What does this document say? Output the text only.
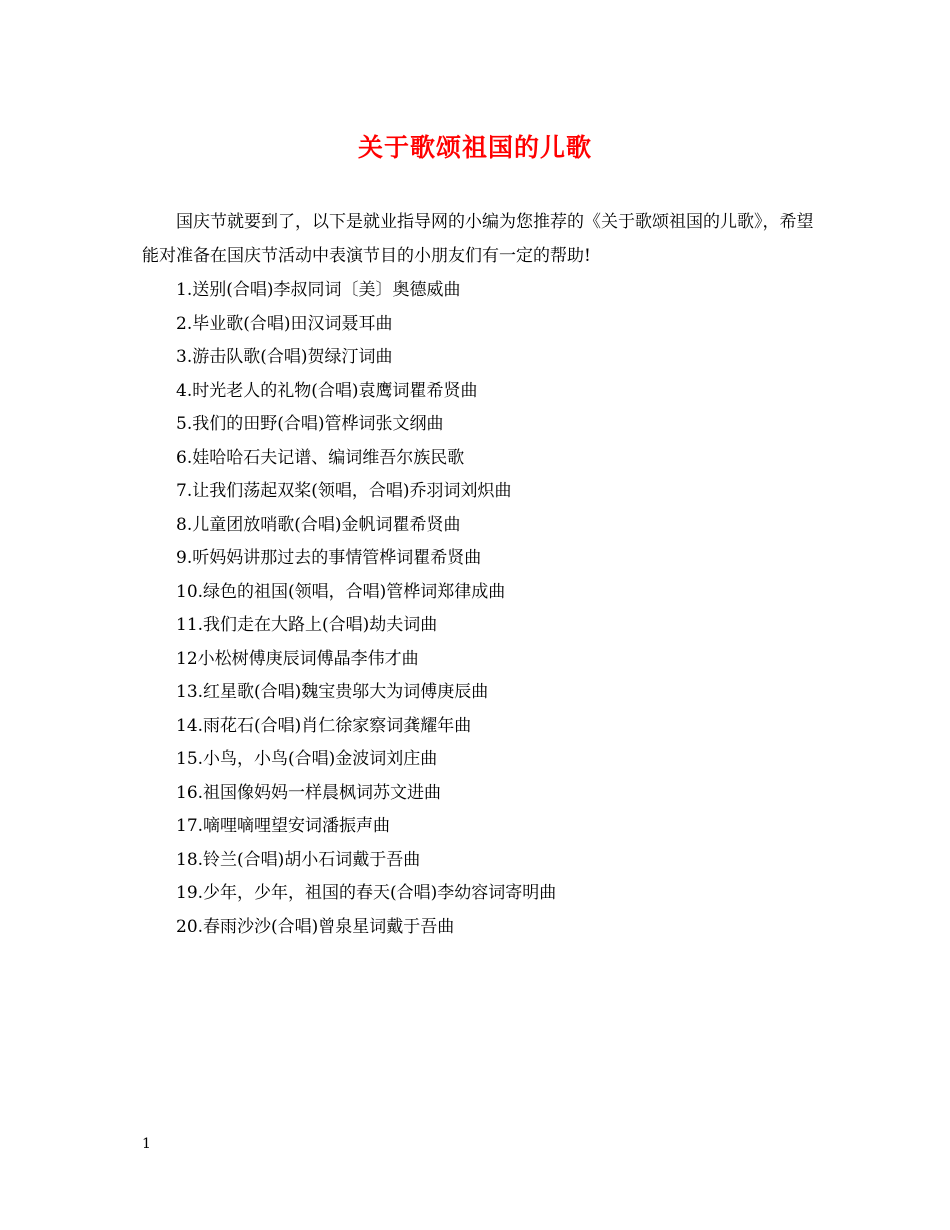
关于歌颂祖国的儿歌

国庆节就要到了，以下是就业指导网的小编为您推荐的《关于歌颂祖国的儿歌》，希望能对准备在国庆节活动中表演节目的小朋友们有一定的帮助!

1.送别(合唱)李叔同词〔美〕奥德威曲
2.毕业歌(合唱)田汉词聂耳曲
3.游击队歌(合唱)贺绿汀词曲
4.时光老人的礼物(合唱)袁鹰词瞿希贤曲
5.我们的田野(合唱)管桦词张文纲曲
6.娃哈哈石夫记谱、编词维吾尔族民歌
7.让我们荡起双桨(领唱，合唱)乔羽词刘炽曲
8.儿童团放哨歌(合唱)金帆词瞿希贤曲
9.听妈妈讲那过去的事情管桦词瞿希贤曲
10.绿色的祖国(领唱，合唱)管桦词郑律成曲
11.我们走在大路上(合唱)劫夫词曲
12小松树傅庚辰词傅晶李伟才曲
13.红星歌(合唱)魏宝贵邬大为词傅庚辰曲
14.雨花石(合唱)肖仁徐家察词龚耀年曲
15.小鸟，小鸟(合唱)金波词刘庄曲
16.祖国像妈妈一样晨枫词苏文进曲
17.嘀哩嘀哩望安词潘振声曲
18.铃兰(合唱)胡小石词戴于吾曲
19.少年，少年，祖国的春天(合唱)李幼容词寄明曲
20.春雨沙沙(合唱)曾泉星词戴于吾曲
1
